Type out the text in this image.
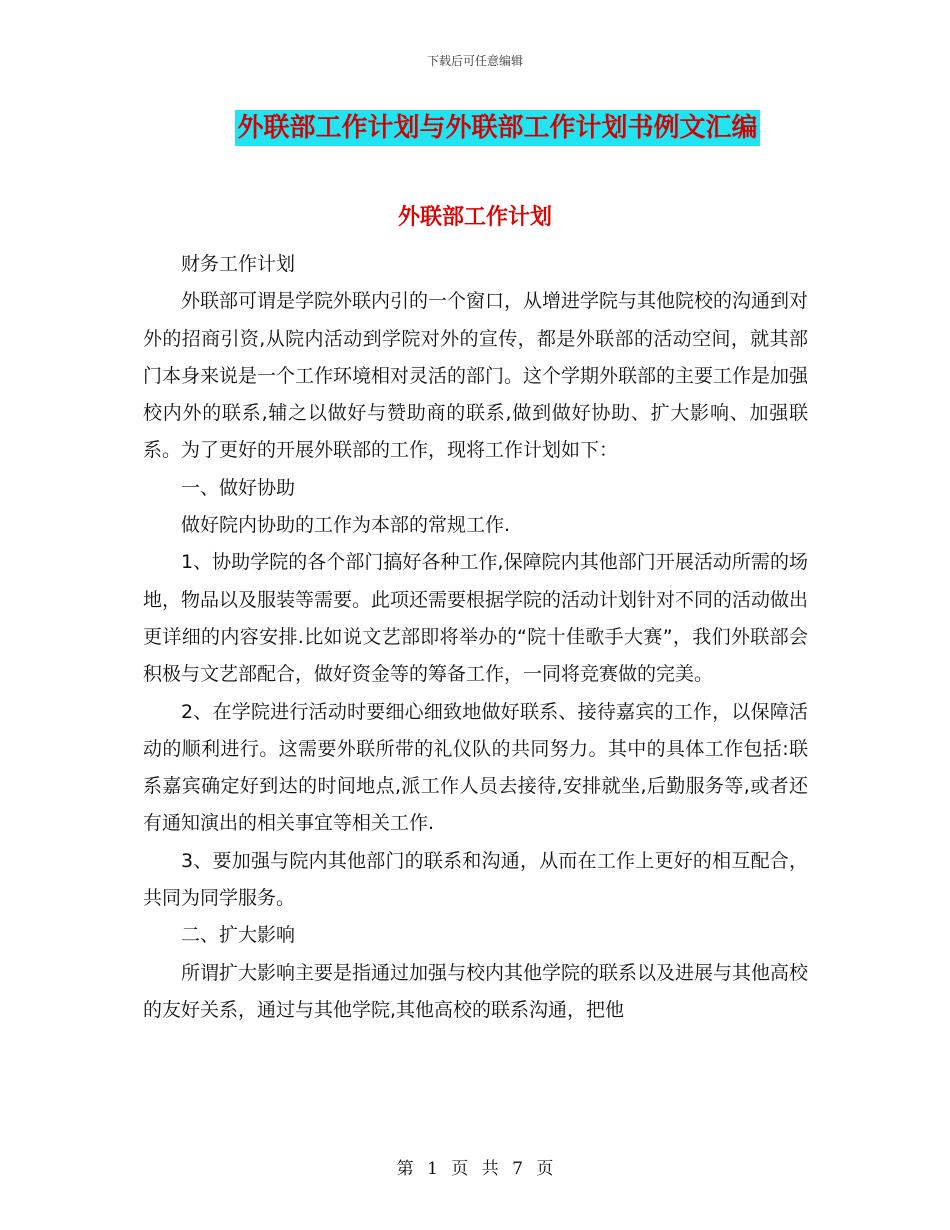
下载后可任意编辑
外联部工作计划与外联部工作计划书例文汇编
外联部工作计划

财务工作计划

外联部可谓是学院外联内引的一个窗口，从增进学院与其他院校的沟通到对外的招商引资,从院内活动到学院对外的宣传，都是外联部的活动空间，就其部门本身来说是一个工作环境相对灵活的部门。这个学期外联部的主要工作是加强校内外的联系,辅之以做好与赞助商的联系,做到做好协助、扩大影响、加强联系。为了更好的开展外联部的工作，现将工作计划如下：

一、做好协助

做好院内协助的工作为本部的常规工作.

1、协助学院的各个部门搞好各种工作,保障院内其他部门开展活动所需的场地，物品以及服装等需要。此项还需要根据学院的活动计划针对不同的活动做出更详细的内容安排.比如说文艺部即将举办的“院十佳歌手大赛”，我们外联部会积极与文艺部配合，做好资金等的筹备工作，一同将竞赛做的完美。

2、在学院进行活动时要细心细致地做好联系、接待嘉宾的工作，以保障活动的顺利进行。这需要外联所带的礼仪队的共同努力。其中的具体工作包括:联系嘉宾确定好到达的时间地点,派工作人员去接待,安排就坐,后勤服务等,或者还有通知演出的相关事宜等相关工作.

3、要加强与院内其他部门的联系和沟通，从而在工作上更好的相互配合，共同为同学服务。

二、扩大影响

所谓扩大影响主要是指通过加强与校内其他学院的联系以及进展与其他高校的友好关系，通过与其他学院,其他高校的联系沟通，把他

第 1 页 共 7 页
